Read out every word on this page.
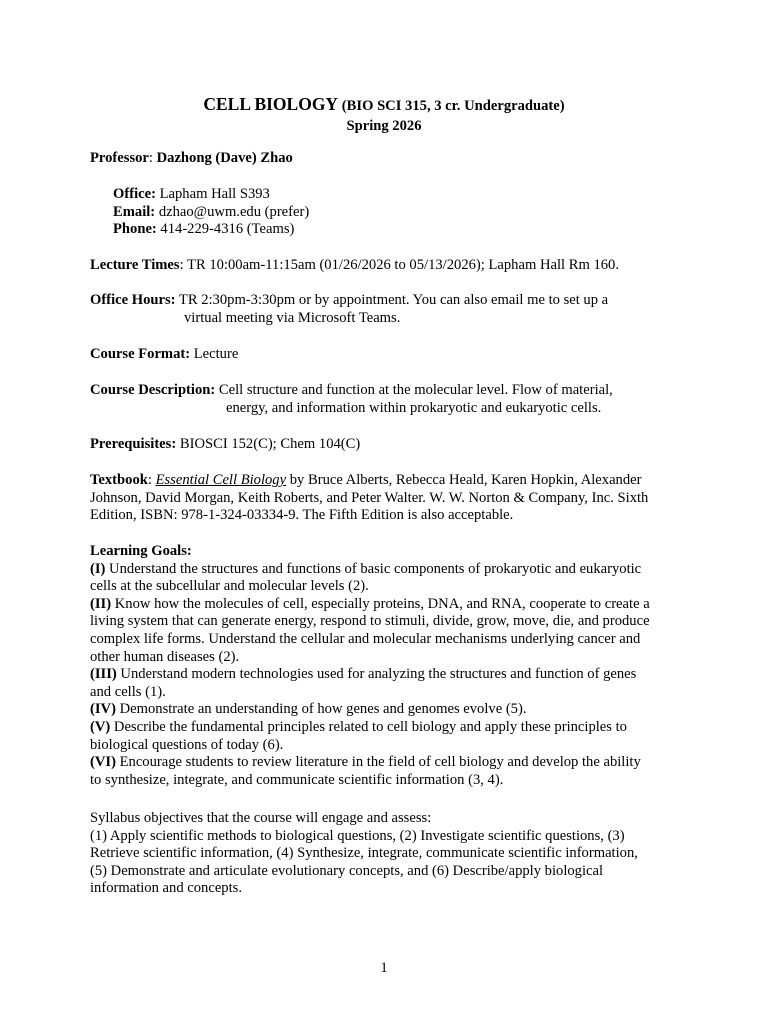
CELL BIOLOGY (BIO SCI 315, 3 cr. Undergraduate)
Spring 2026
Professor: Dazhong (Dave) Zhao
Office: Lapham Hall S393
Email: dzhao@uwm.edu (prefer)
Phone: 414-229-4316 (Teams)
Lecture Times: TR 10:00am-11:15am (01/26/2026 to 05/13/2026); Lapham Hall Rm 160.
Office Hours: TR 2:30pm-3:30pm or by appointment. You can also email me to set up a
virtual meeting via Microsoft Teams.
Course Format: Lecture
Course Description: Cell structure and function at the molecular level. Flow of material,
energy, and information within prokaryotic and eukaryotic cells.
Prerequisites: BIOSCI 152(C); Chem 104(C)
Textbook: Essential Cell Biology by Bruce Alberts, Rebecca Heald, Karen Hopkin, Alexander
Johnson, David Morgan, Keith Roberts, and Peter Walter. W. W. Norton & Company, Inc. Sixth
Edition, ISBN: 978-1-324-03334-9. The Fifth Edition is also acceptable.
Learning Goals:
(I) Understand the structures and functions of basic components of prokaryotic and eukaryotic
cells at the subcellular and molecular levels (2).
(II) Know how the molecules of cell, especially proteins, DNA, and RNA, cooperate to create a
living system that can generate energy, respond to stimuli, divide, grow, move, die, and produce
complex life forms. Understand the cellular and molecular mechanisms underlying cancer and
other human diseases (2).
(III) Understand modern technologies used for analyzing the structures and function of genes
and cells (1).
(IV) Demonstrate an understanding of how genes and genomes evolve (5).
(V) Describe the fundamental principles related to cell biology and apply these principles to
biological questions of today (6).
(VI) Encourage students to review literature in the field of cell biology and develop the ability
to synthesize, integrate, and communicate scientific information (3, 4).
Syllabus objectives that the course will engage and assess:
(1) Apply scientific methods to biological questions, (2) Investigate scientific questions, (3)
Retrieve scientific information, (4) Synthesize, integrate, communicate scientific information,
(5) Demonstrate and articulate evolutionary concepts, and (6) Describe/apply biological
information and concepts.
1
